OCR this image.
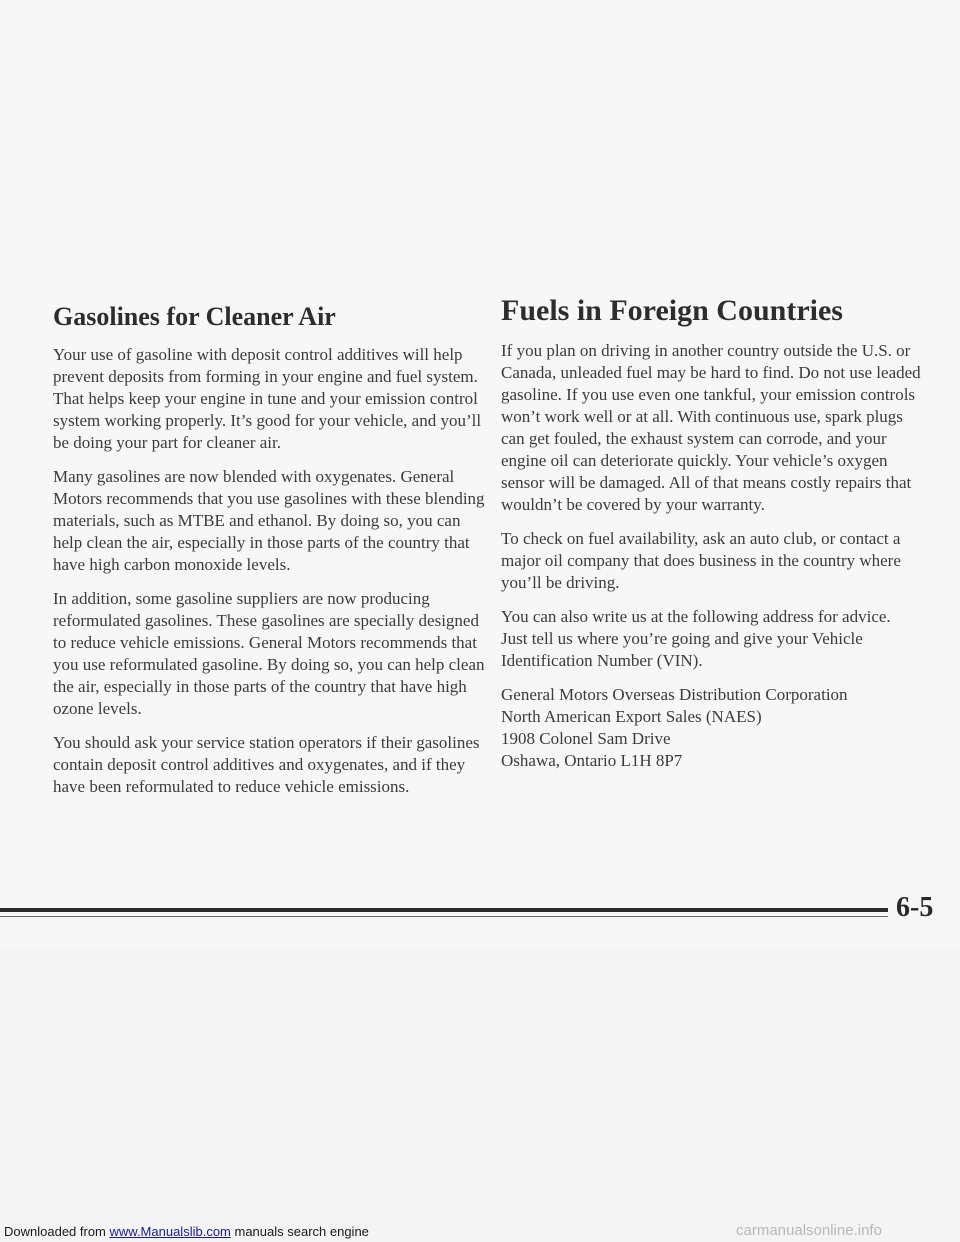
Gasolines for Cleaner Air

Your use of gasoline with deposit control additives will help prevent deposits from forming in your engine and fuel system. That helps keep your engine in tune and your emission control system working properly. It’s good for your vehicle, and you’ll be doing your part for cleaner air.

Many gasolines are now blended with oxygenates. General Motors recommends that you use gasolines with these blending materials, such as MTBE and ethanol. By doing so, you can help clean the air, especially in those parts of the country that have high carbon monoxide levels.

In addition, some gasoline suppliers are now producing reformulated gasolines. These gasolines are specially designed to reduce vehicle emissions. General Motors recommends that you use reformulated gasoline. By doing so, you can help clean the air, especially in those parts of the country that have high ozone levels.

You should ask your service station operators if their gasolines contain deposit control additives and oxygenates, and if they have been reformulated to reduce vehicle emissions.

Fuels in Foreign Countries

If you plan on driving in another country outside the U.S. or Canada, unleaded fuel may be hard to find. Do not use leaded gasoline. If you use even one tankful, your emission controls won’t work well or at all. With continuous use, spark plugs can get fouled, the exhaust system can corrode, and your engine oil can deteriorate quickly. Your vehicle’s oxygen sensor will be damaged. All of that means costly repairs that wouldn’t be covered by your warranty.

To check on fuel availability, ask an auto club, or contact a major oil company that does business in the country where you’ll be driving.

You can also write us at the following address for advice. Just tell us where you’re going and give your Vehicle Identification Number (VIN).

General Motors Overseas Distribution Corporation
North American Export Sales (NAES)
1908 Colonel Sam Drive
Oshawa, Ontario L1H 8P7
6-5
Downloaded from www.Manualslib.com manuals search engine	carmanualsonline.info
